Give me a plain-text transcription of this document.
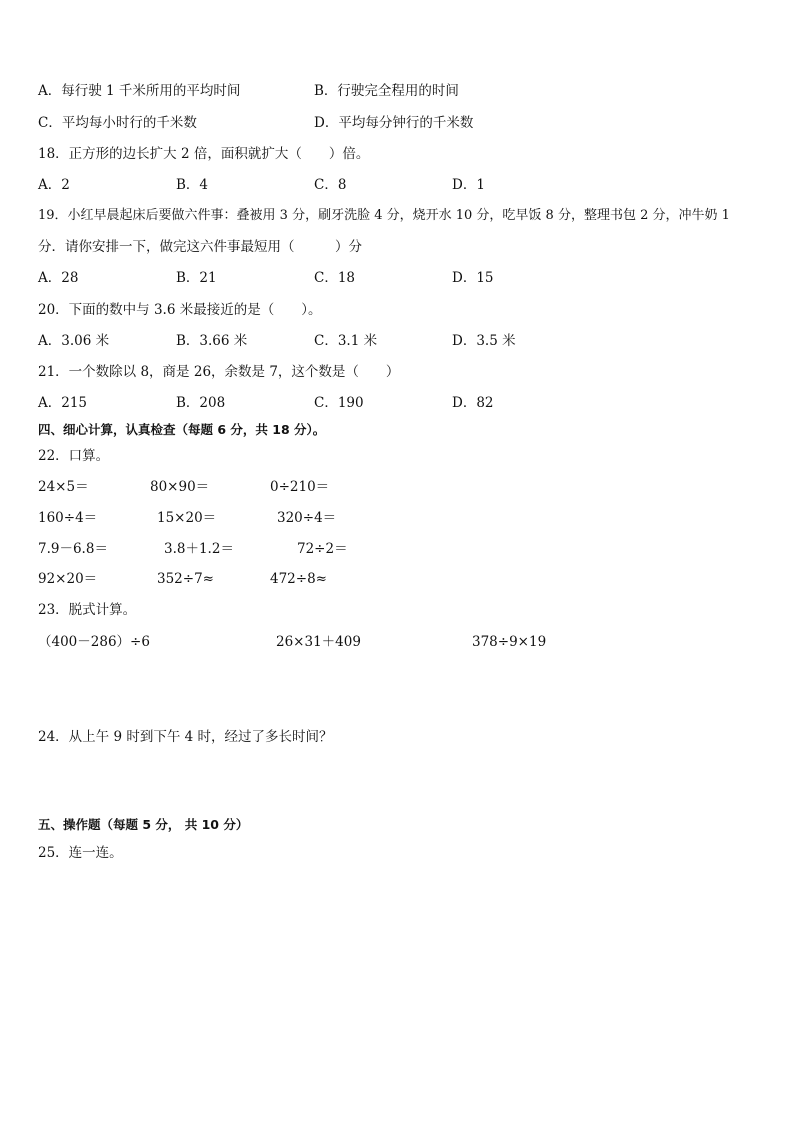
A．每行驶 1 千米所用的平均时间	B．行驶完全程用的时间
C．平均每小时行的千米数	D．平均每分钟行的千米数
18．正方形的边长扩大 2 倍，面积就扩大（　　）倍。
A．2	B．4	C．8	D．1
19．小红早晨起床后要做六件事：叠被用 3 分，刷牙洗脸 4 分，烧开水 10 分，吃早饭 8 分，整理书包 2 分，冲牛奶 1
分．请你安排一下，做完这六件事最短用（　　　）分
A．28	B．21	C．18	D．15
20．下面的数中与 3.6 米最接近的是（　　）。
A．3.06 米	B．3.66 米	C．3.1 米	D．3.5 米
21．一个数除以 8，商是 26，余数是 7，这个数是（　　）
A．215	B．208	C．190	D．82
四、细心计算，认真检查（每题 6 分，共 18 分）。
22．口算。
24×5＝	80×90＝	0÷210＝
160÷4＝	15×20＝	320÷4＝
7.9－6.8＝	3.8＋1.2＝	72÷2＝
92×20＝	352÷7≈	472÷8≈
23．脱式计算。
（400－286）÷6	26×31＋409	378÷9×19
24．从上午 9 时到下午 4 时，经过了多长时间？
五、操作题（每题 5 分， 共 10 分）
25．连一连。
